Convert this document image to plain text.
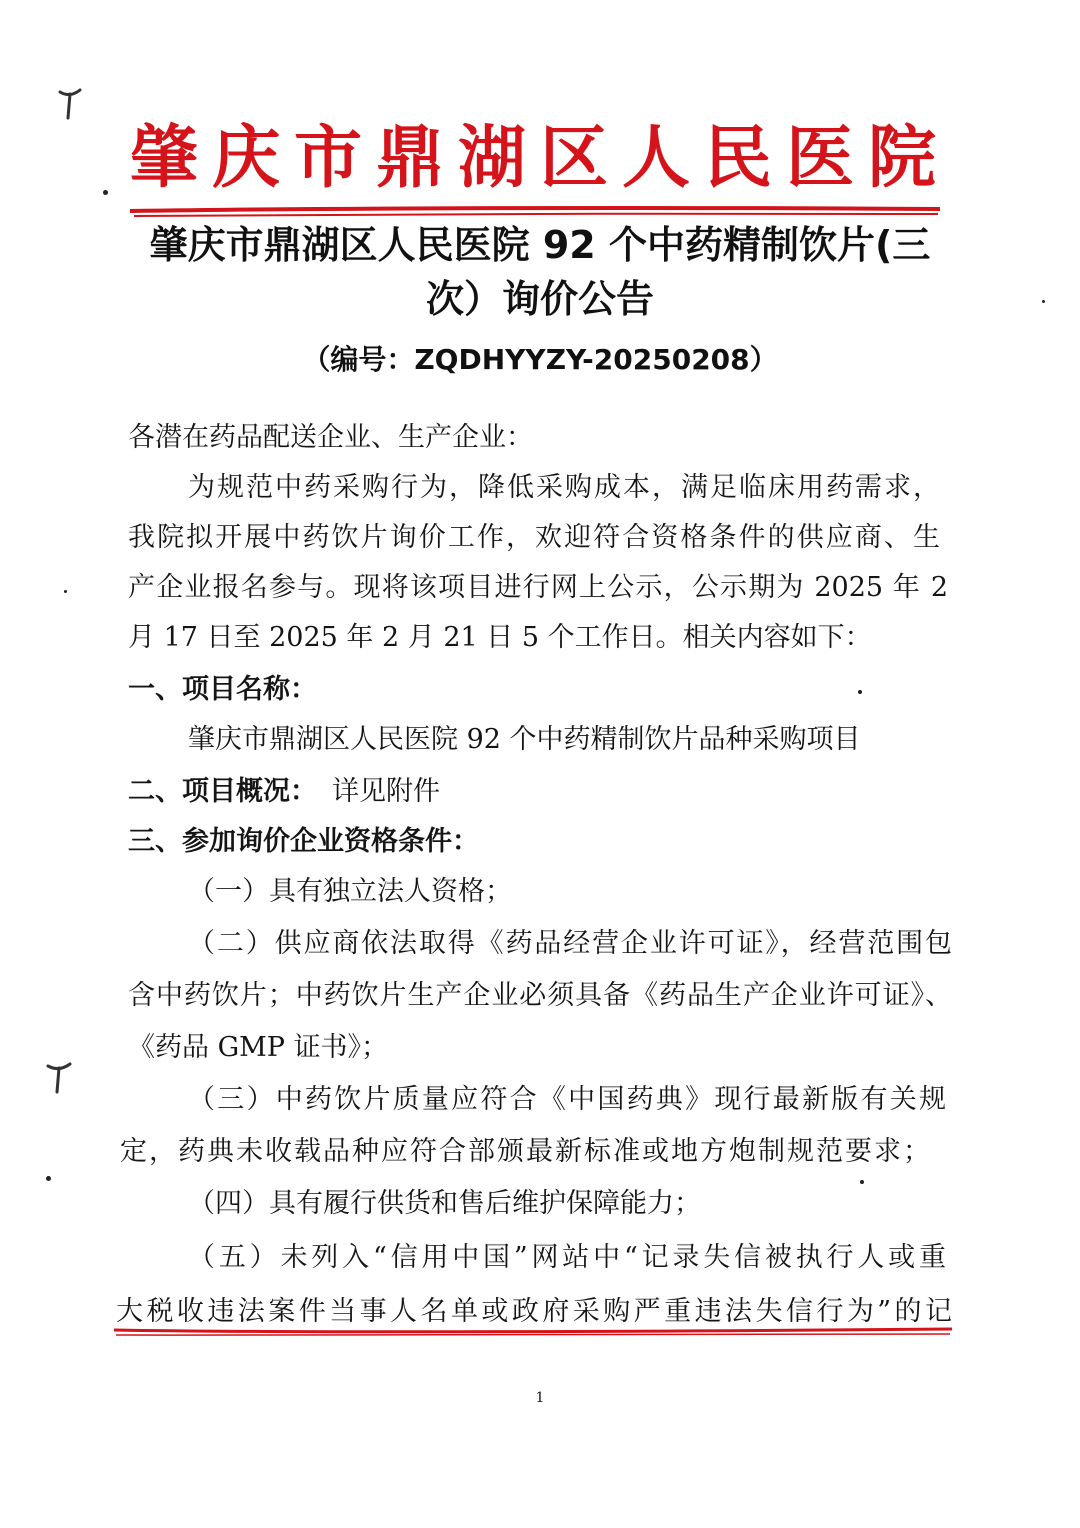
肇庆市鼎湖区人民医院
肇庆市鼎湖区人民医院 92 个中药精制饮片(三
次）询价公告
（编号：ZQDHYYZY-20250208）
各潜在药品配送企业、生产企业：
为规范中药采购行为，降低采购成本，满足临床用药需求，
我院拟开展中药饮片询价工作，欢迎符合资格条件的供应商、生
产企业报名参与。现将该项目进行网上公示，公示期为 2025 年 2
月 17 日至 2025 年 2 月 21 日 5 个工作日。相关内容如下：
一、项目名称：
肇庆市鼎湖区人民医院 92 个中药精制饮片品种采购项目
二、项目概况： 详见附件
三、参加询价企业资格条件：
（一）具有独立法人资格；
（二）供应商依法取得《药品经营企业许可证》，经营范围包
含中药饮片；中药饮片生产企业必须具备《药品生产企业许可证》、
《药品 GMP 证书》；
（三）中药饮片质量应符合《中国药典》现行最新版有关规
定，药典未收载品种应符合部颁最新标准或地方炮制规范要求；
（四）具有履行供货和售后维护保障能力；
（五）未列入“信用中国”网站中“记录失信被执行人或重
大税收违法案件当事人名单或政府采购严重违法失信行为”的记
1
